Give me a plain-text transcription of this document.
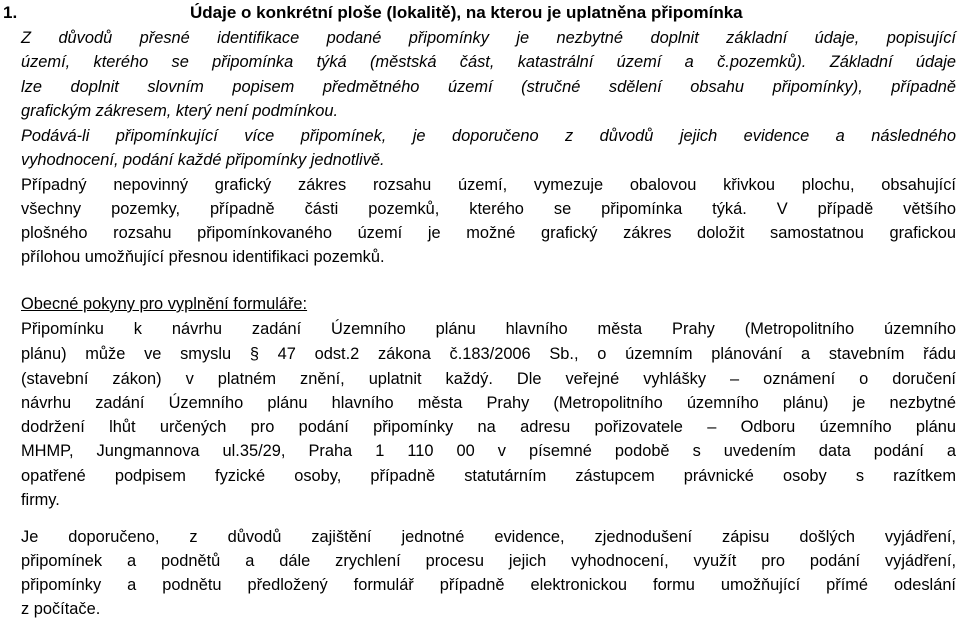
1.	Údaje o konkrétní ploše (lokalitě), na kterou je uplatněna připomínka
Z důvodů přesné identifikace podané připomínky je nezbytné doplnit základní údaje, popisující
území, kterého se připomínka týká (městská část, katastrální území a č.pozemků). Základní údaje
lze doplnit slovním popisem předmětného území (stručné sdělení obsahu připomínky), případně
grafickým zákresem, který není podmínkou.
Podává-li připomínkující více připomínek, je doporučeno z důvodů jejich evidence a následného
vyhodnocení, podání každé připomínky jednotlivě.
Případný nepovinný grafický zákres rozsahu území, vymezuje obalovou křivkou plochu, obsahující
všechny pozemky, případně části pozemků, kterého se připomínka týká. V případě většího
plošného rozsahu připomínkovaného území je možné grafický zákres doložit samostatnou grafickou
přílohou umožňující přesnou identifikaci pozemků.
Obecné pokyny pro vyplnění formuláře:
Připomínku k návrhu zadání Územního plánu hlavního města Prahy (Metropolitního územního
plánu) může ve smyslu § 47 odst.2 zákona č.183/2006 Sb., o územním plánování a stavebním řádu
(stavební zákon) v platném znění, uplatnit každý. Dle veřejné vyhlášky – oznámení o doručení
návrhu zadání Územního plánu hlavního města Prahy (Metropolitního územního plánu) je nezbytné
dodržení lhůt určených pro podání připomínky na adresu pořizovatele – Odboru územního plánu
MHMP, Jungmannova ul.35/29, Praha 1 110 00 v písemné podobě s uvedením data podání a
opatřené podpisem fyzické osoby, případně statutárním zástupcem právnické osoby s razítkem
firmy.
Je doporučeno, z důvodů zajištění jednotné evidence, zjednodušení zápisu došlých vyjádření,
připomínek a podnětů a dále zrychlení procesu jejich vyhodnocení, využít pro podání vyjádření,
připomínky a podnětu předložený formulář případně elektronickou formu umožňující přímé odeslání
z počítače.
